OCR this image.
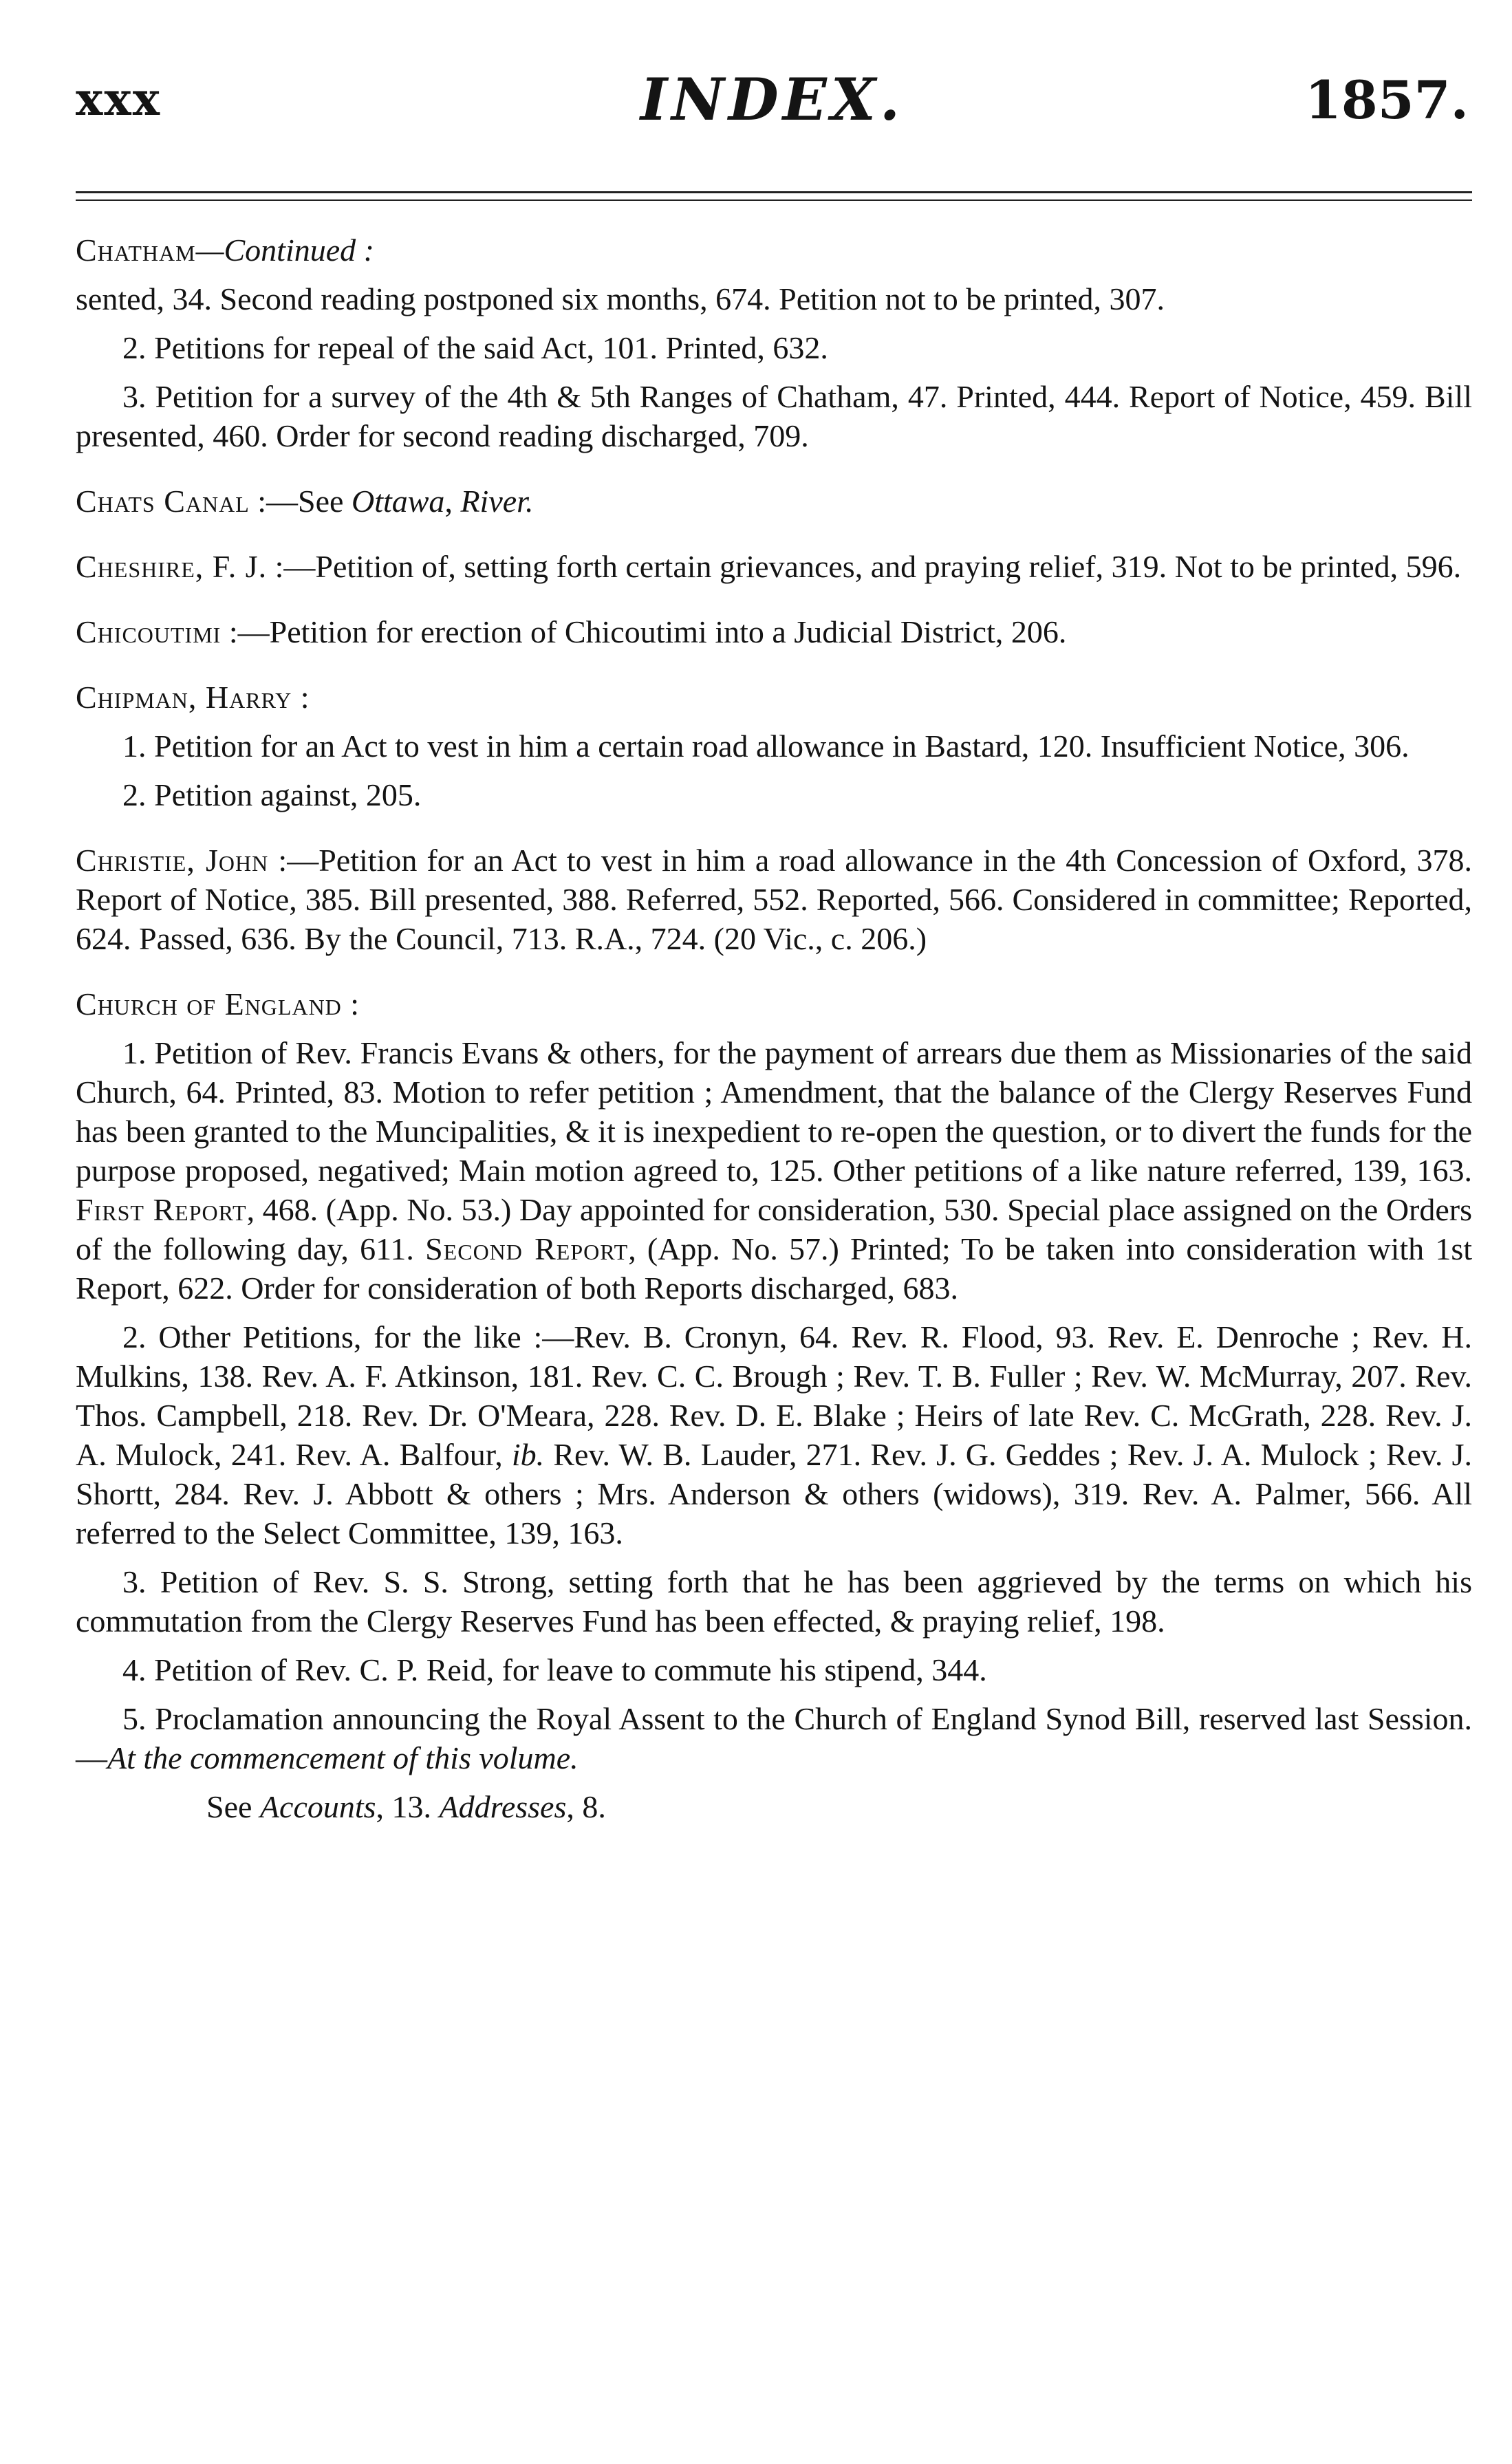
xxx	INDEX.	1857.
Chatham—Continued :
sented, 34. Second reading postponed six months, 674. Petition not to be printed, 307.
2. Petitions for repeal of the said Act, 101. Printed, 632.
3. Petition for a survey of the 4th & 5th Ranges of Chatham, 47. Printed, 444. Report of Notice, 459. Bill presented, 460. Order for second reading discharged, 709.
Chats Canal :—See Ottawa, River.
Cheshire, F. J. :—Petition of, setting forth certain grievances, and praying relief, 319. Not to be printed, 596.
Chicoutimi :—Petition for erection of Chicoutimi into a Judicial District, 206.
Chipman, Harry :
1. Petition for an Act to vest in him a certain road allowance in Bastard, 120. Insufficient Notice, 306.
2. Petition against, 205.
Christie, John :—Petition for an Act to vest in him a road allowance in the 4th Concession of Oxford, 378. Report of Notice, 385. Bill presented, 388. Referred, 552. Reported, 566. Considered in committee; Reported, 624. Passed, 636. By the Council, 713. R.A., 724. (20 Vic., c. 206.)
Church of England :
1. Petition of Rev. Francis Evans & others, for the payment of arrears due them as Missionaries of the said Church, 64. Printed, 83. Motion to refer petition ; Amendment, that the balance of the Clergy Reserves Fund has been granted to the Muncipalities, & it is inexpedient to re-open the question, or to divert the funds for the purpose proposed, negatived; Main motion agreed to, 125. Other petitions of a like nature referred, 139, 163. First Report, 468. (App. No. 53.) Day appointed for consideration, 530. Special place assigned on the Orders of the following day, 611. Second Report, (App. No. 57.) Printed; To be taken into consideration with 1st Report, 622. Order for consideration of both Reports discharged, 683.
2. Other Petitions, for the like :—Rev. B. Cronyn, 64. Rev. R. Flood, 93. Rev. E. Denroche ; Rev. H. Mulkins, 138. Rev. A. F. Atkinson, 181. Rev. C. C. Brough ; Rev. T. B. Fuller ; Rev. W. McMurray, 207. Rev. Thos. Campbell, 218. Rev. Dr. O'Meara, 228. Rev. D. E. Blake ; Heirs of late Rev. C. McGrath, 228. Rev. J. A. Mulock, 241. Rev. A. Balfour, ib. Rev. W. B. Lauder, 271. Rev. J. G. Geddes ; Rev. J. A. Mulock ; Rev. J. Shortt, 284. Rev. J. Abbott & others ; Mrs. Anderson & others (widows), 319. Rev. A. Palmer, 566. All referred to the Select Committee, 139, 163.
3. Petition of Rev. S. S. Strong, setting forth that he has been aggrieved by the terms on which his commutation from the Clergy Reserves Fund has been effected, & praying relief, 198.
4. Petition of Rev. C. P. Reid, for leave to commute his stipend, 344.
5. Proclamation announcing the Royal Assent to the Church of England Synod Bill, reserved last Session.—At the commencement of this volume.
See Accounts, 13. Addresses, 8.
